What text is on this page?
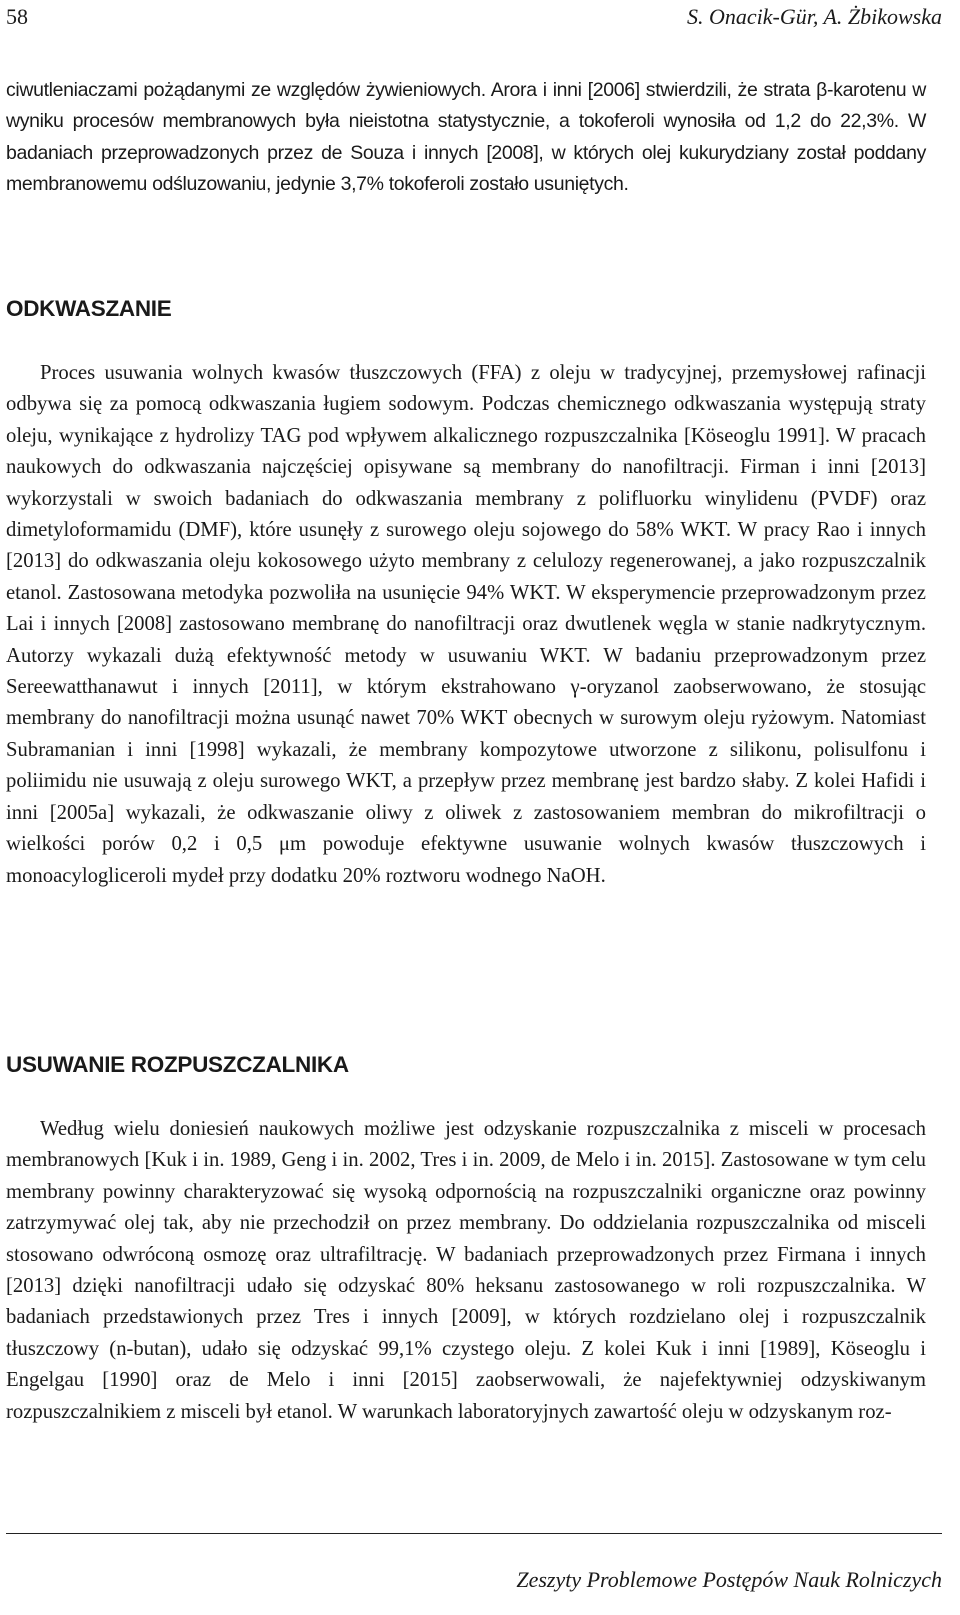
58	S. Onacik-Gür, A. Żbikowska

ciwutleniaczami pożądanymi ze względów żywieniowych. Arora i inni [2006] stwierdzili, że strata β-karotenu w wyniku procesów membranowych była nieistotna statystycznie, a tokoferoli wynosiła od 1,2 do 22,3%. W badaniach przeprowadzonych przez de Souza i innych [2008], w których olej kukurydziany został poddany membranowemu odśluzowaniu, jedynie 3,7% tokoferoli zostało usuniętych.

ODKWASZANIE

Proces usuwania wolnych kwasów tłuszczowych (FFA) z oleju w tradycyjnej, przemysłowej rafinacji odbywa się za pomocą odkwaszania ługiem sodowym. Podczas chemicznego odkwaszania występują straty oleju, wynikające z hydrolizy TAG pod wpływem alkalicznego rozpuszczalnika [Köseoglu 1991]. W pracach naukowych do odkwaszania najczęściej opisywane są membrany do nanofiltracji. Firman i inni [2013] wykorzystali w swoich badaniach do odkwaszania membrany z polifluorku winylidenu (PVDF) oraz dimetyloformamidu (DMF), które usunęły z surowego oleju sojowego do 58% WKT. W pracy Rao i innych [2013] do odkwaszania oleju kokosowego użyto membrany z celulozy regenerowanej, a jako rozpuszczalnik etanol. Zastosowana metodyka pozwoliła na usunięcie 94% WKT. W eksperymencie przeprowadzonym przez Lai i innych [2008] zastosowano membranę do nanofiltracji oraz dwutlenek węgla w stanie nadkrytycznym. Autorzy wykazali dużą efektywność metody w usuwaniu WKT. W badaniu przeprowadzonym przez Sereewatthanawut i innych [2011], w którym ekstrahowano γ-oryzanol zaobserwowano, że stosując membrany do nanofiltracji można usunąć nawet 70% WKT obecnych w surowym oleju ryżowym. Natomiast Subramanian i inni [1998] wykazali, że membrany kompozytowe utworzone z silikonu, polisulfonu i poliimidu nie usuwają z oleju surowego WKT, a przepływ przez membranę jest bardzo słaby. Z kolei Hafidi i inni [2005a] wykazali, że odkwaszanie oliwy z oliwek z zastosowaniem membran do mikrofiltracji o wielkości porów 0,2 i 0,5 μm powoduje efektywne usuwanie wolnych kwasów tłuszczowych i monoacyloglicerolі mydeł przy dodatku 20% roztworu wodnego NaOH.

USUWANIE ROZPUSZCZALNIKA

Według wielu doniesień naukowych możliwe jest odzyskanie rozpuszczalnika z misceli w procesach membranowych [Kuk i in. 1989, Geng i in. 2002, Tres i in. 2009, de Melo i in. 2015]. Zastosowane w tym celu membrany powinny charakteryzować się wysoką odpornością na rozpuszczalniki organiczne oraz powinny zatrzymywać olej tak, aby nie przechodził on przez membrany. Do oddzielania rozpuszczalnika od misceli stosowano odwróconą osmozę oraz ultrafiltrację. W badaniach przeprowadzonych przez Firmana i innych [2013] dzięki nanofiltracji udało się odzyskać 80% heksanu zastosowanego w roli rozpuszczalnika. W badaniach przedstawionych przez Tres i innych [2009], w których rozdzielano olej i rozpuszczalnik tłuszczowy (n-butan), udało się odzyskać 99,1% czystego oleju. Z kolei Kuk i inni [1989], Köseoglu i Engelgau [1990] oraz de Melo i inni [2015] zaobserwowali, że najefektywniej odzyskiwanym rozpuszczalnikiem z misceli był etanol. W warunkach laboratoryjnych zawartość oleju w odzyskanym roz-

Zeszyty Problemowe Postępów Nauk Rolniczych
